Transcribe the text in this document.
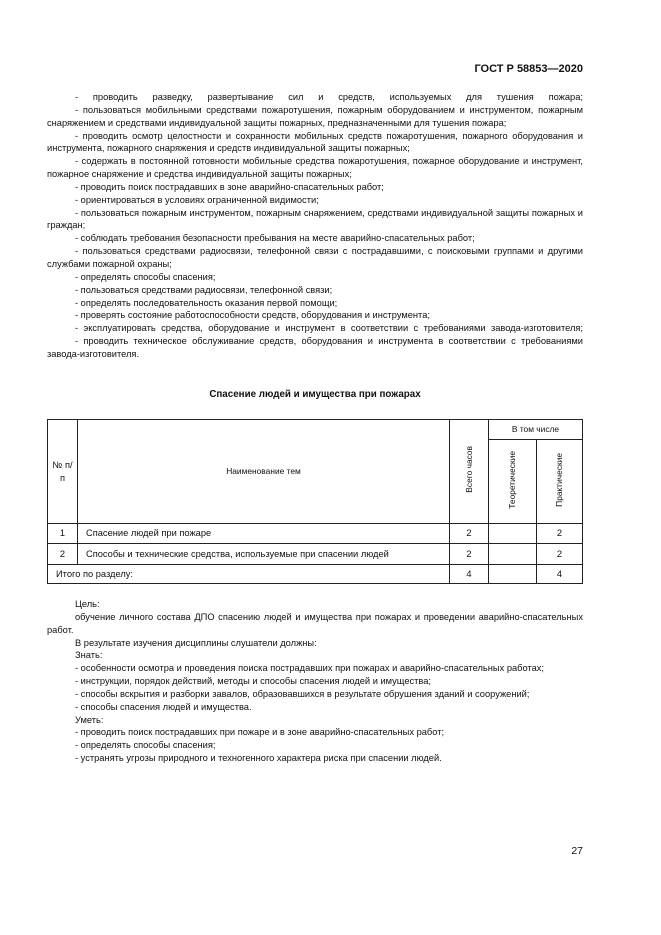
ГОСТ Р 58853—2020

- проводить разведку, развертывание сил и средств, используемых для тушения пожара;

- пользоваться мобильными средствами пожаротушения, пожарным оборудованием и инструментом, пожарным снаряжением и средствами индивидуальной защиты пожарных, предназначенными для тушения пожара;

- проводить осмотр целостности и сохранности мобильных средств пожаротушения, пожарного оборудования и инструмента, пожарного снаряжения и средств индивидуальной защиты пожарных;

- содержать в постоянной готовности мобильные средства пожаротушения, пожарное оборудование и инструмент, пожарное снаряжение и средства индивидуальной защиты пожарных;

- проводить поиск пострадавших в зоне аварийно-спасательных работ;

- ориентироваться в условиях ограниченной видимости;

- пользоваться пожарным инструментом, пожарным снаряжением, средствами индивидуальной защиты пожарных и граждан;

- соблюдать требования безопасности пребывания на месте аварийно-спасательных работ;

- пользоваться средствами радиосвязи, телефонной связи с пострадавшими, с поисковыми группами и другими службами пожарной охраны;

- определять способы спасения;

- пользоваться средствами радиосвязи, телефонной связи;

- определять последовательность оказания первой помощи;

- проверять состояние работоспособности средств, оборудования и инструмента;

- эксплуатировать средства, оборудование и инструмент в соответствии с требованиями завода-изготовителя;

- проводить техническое обслуживание средств, оборудования и инструмента в соответствии с требованиями завода-изготовителя.

Спасение людей и имущества при пожарах
№ п/п	Наименование тем	Всего часов	В том числе	
			Теоретические	Практические
1	Спасение людей при пожаре	2		2
2	Способы и технические средства, используемые при спасении людей	2		2
Итого по разделу:		4		4

Цель:

обучение личного состава ДПО спасению людей и имущества при пожарах и проведении аварийно-спасательных работ.

В результате изучения дисциплины слушатели должны:

Знать:

- особенности осмотра и проведения поиска пострадавших при пожарах и аварийно-спасательных работах;

- инструкции, порядок действий, методы и способы спасения людей и имущества;

- способы вскрытия и разборки завалов, образовавшихся в результате обрушения зданий и сооружений;

- способы спасения людей и имущества.

Уметь:

- проводить поиск пострадавших при пожаре и в зоне аварийно-спасательных работ;

- определять способы спасения;

- устранять угрозы природного и техногенного характера риска при спасении людей.

27
